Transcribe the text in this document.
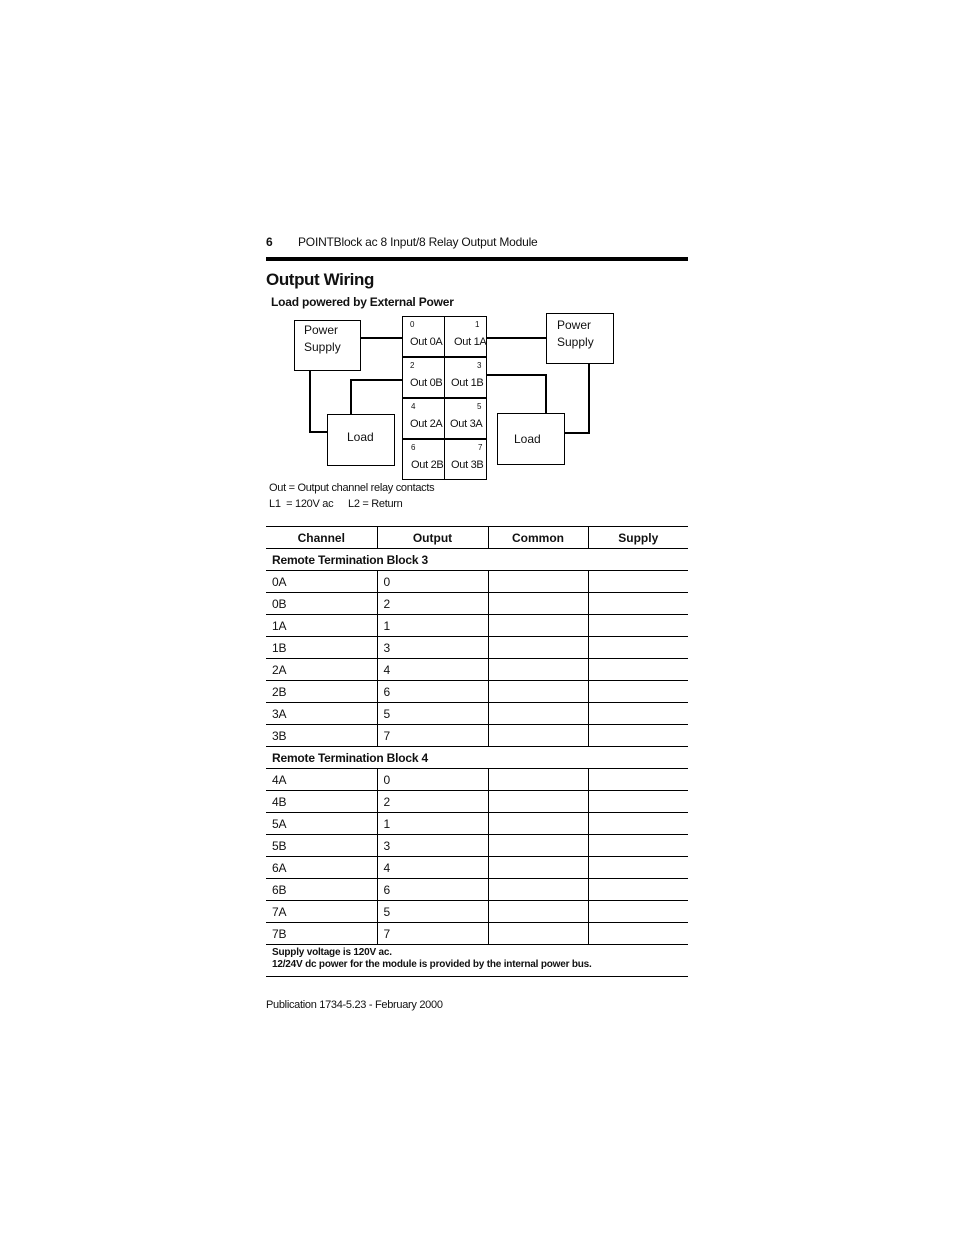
6 POINTBlock ac 8 Input/8 Relay Output Module
Output Wiring
Load powered by External Power
Power
Supply
Load
Power
Supply
Load
0
Out 0A
1
Out 1A
2
Out 0B
3
Out 1B
4
Out 2A
5
Out 3A
6
Out 2B
7
Out 3B
Out = Output channel relay contacts
L1  = 120V ac L2 = Return
Channel	Output	Common	Supply
Remote Termination Block 3			
0A	0		
0B	2		
1A	1		
1B	3		
2A	4		
2B	6		
3A	5		
3B	7		
Remote Termination Block 4			
4A	0		
4B	2		
5A	1		
5B	3		
6A	4		
6B	6		
7A	5		
7B	7		

Supply voltage is 120V ac.
12/24V dc power for the module is provided by the internal power bus.			
Publication 1734-5.23 - February 2000
